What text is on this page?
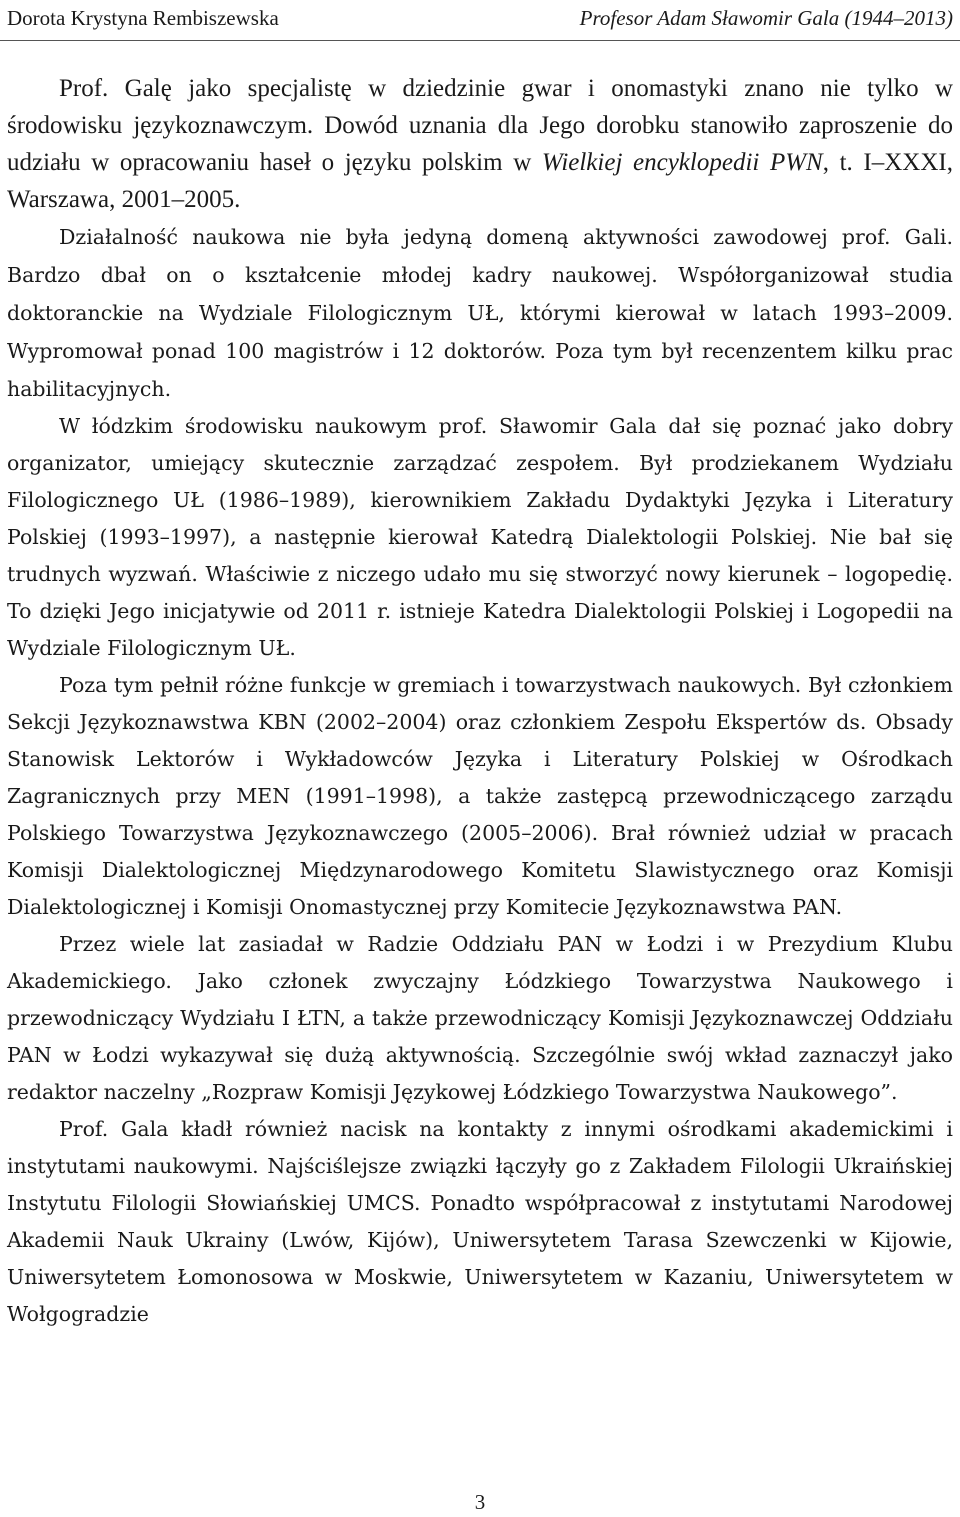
Dorota Krystyna Rembiszewska	Profesor Adam Sławomir Gala (1944–2013)

Prof. Galę jako specjalistę w dziedzinie gwar i onomastyki znano nie tylko w środowisku językoznawczym. Dowód uznania dla Jego dorobku stanowiło zaproszenie do udziału w opracowaniu haseł o języku polskim w Wielkiej encyklopedii PWN, t. I–XXXI, Warszawa, 2001–2005.

Działalność naukowa nie była jedyną domeną aktywności zawodowej prof. Gali. Bardzo dbał on o kształcenie młodej kadry naukowej. Współorganizował studia doktoranckie na Wydziale Filologicznym UŁ, którymi kierował w latach 1993–2009. Wypromował ponad 100 magistrów i 12 doktorów. Poza tym był recenzentem kilku prac habilitacyjnych.

W łódzkim środowisku naukowym prof. Sławomir Gala dał się poznać jako dobry organizator, umiejący skutecznie zarządzać zespołem. Był prodziekanem Wydziału Filologicznego UŁ (1986–1989), kierownikiem Zakładu Dydaktyki Języka i Literatury Polskiej (1993–1997), a następnie kierował Katedrą Dialektologii Polskiej. Nie bał się trudnych wyzwań. Właściwie z niczego udało mu się stworzyć nowy kierunek – logopedię. To dzięki Jego inicjatywie od 2011 r. istnieje Katedra Dialektologii Polskiej i Logopedii na Wydziale Filologicznym UŁ.

Poza tym pełnił różne funkcje w gremiach i towarzystwach naukowych. Był członkiem Sekcji Językoznawstwa KBN (2002–2004) oraz członkiem Zespołu Ekspertów ds. Obsady Stanowisk Lektorów i Wykładowców Języka i Literatury Polskiej w Ośrodkach Zagranicznych przy MEN (1991–1998), a także zastępcą przewodniczącego zarządu Polskiego Towarzystwa Językoznawczego (2005–2006). Brał również udział w pracach Komisji Dialektologicznej Międzynarodowego Komitetu Slawistycznego oraz Komisji Dialektologicznej i Komisji Onomastycznej przy Komitecie Językoznawstwa PAN.

Przez wiele lat zasiadał w Radzie Oddziału PAN w Łodzi i w Prezydium Klubu Akademickiego. Jako członek zwyczajny Łódzkiego Towarzystwa Naukowego i przewodniczący Wydziału I ŁTN, a także przewodniczący Komisji Językoznawczej Oddziału PAN w Łodzi wykazywał się dużą aktywnością. Szczególnie swój wkład zaznaczył jako redaktor naczelny „Rozpraw Komisji Językowej Łódzkiego Towarzystwa Naukowego”.

Prof. Gala kładł również nacisk na kontakty z innymi ośrodkami akademickimi i instytutami naukowymi. Najściślejsze związki łączyły go z Zakładem Filologii Ukraińskiej Instytutu Filologii Słowiańskiej UMCS. Ponadto współpracował z instytutami Narodowej Akademii Nauk Ukrainy (Lwów, Kijów), Uniwersytetem Tarasa Szewczenki w Kijowie, Uniwersytetem Łomonosowa w Moskwie, Uniwersytetem w Kazaniu, Uniwersytetem w Wołgogradzie

3
